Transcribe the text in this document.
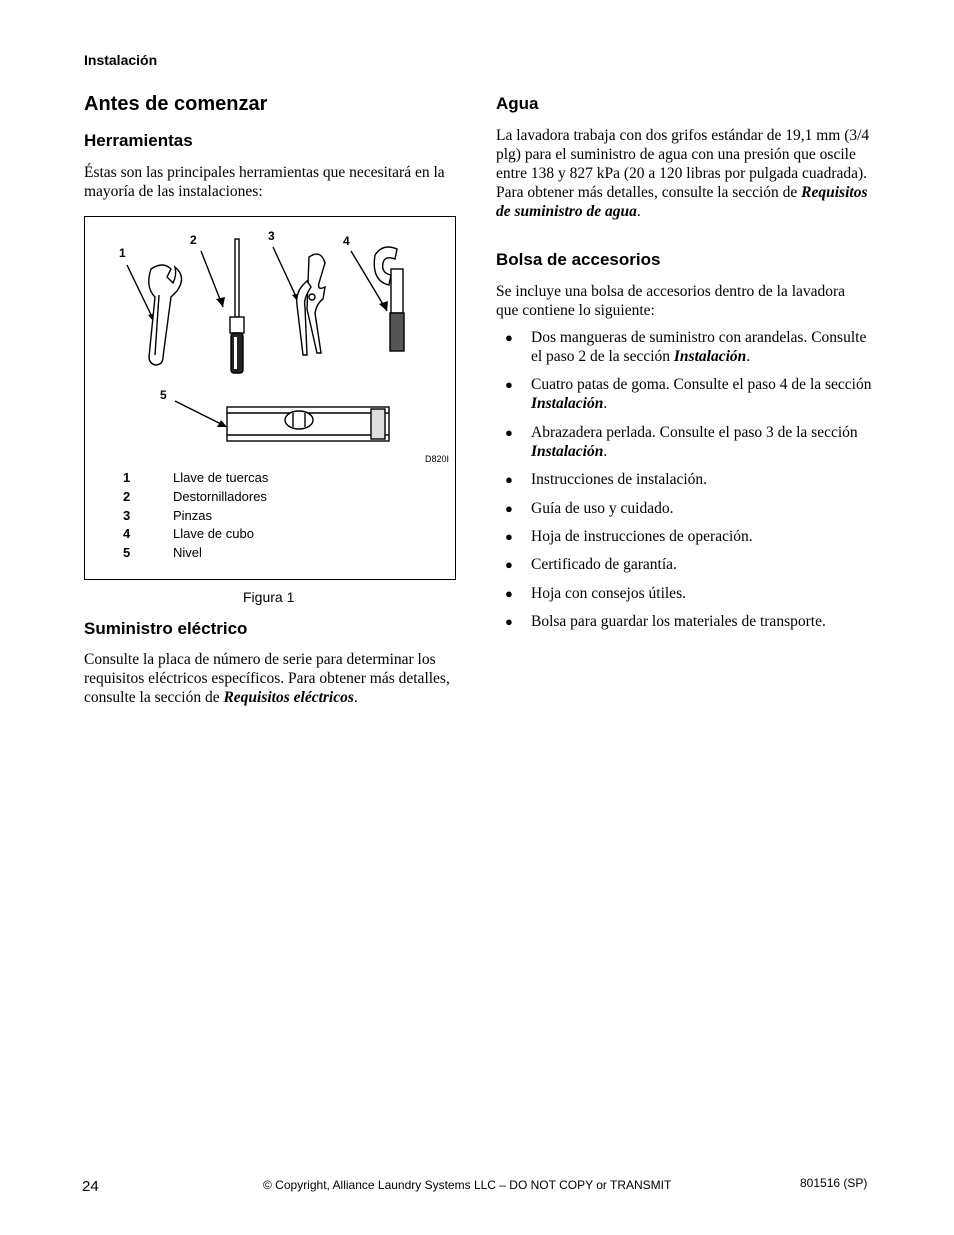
Instalación
Antes de comenzar
Herramientas
Éstas son las principales herramientas que necesitará en la mayoría de las instalaciones:
1
2	3	4
5
D820I
1	Llave de tuercas
2	Destornilladores
3	Pinzas
4	Llave de cubo
5	Nivel
Figura 1
Suministro eléctrico
Consulte la placa de número de serie para determinar los requisitos eléctricos específicos. Para obtener más detalles, consulte la sección de Requisitos eléctricos.
Agua
La lavadora trabaja con dos grifos estándar de 19,1 mm (3/4 plg) para el suministro de agua con una presión que oscile entre 138 y 827 kPa (20 a 120 libras por pulgada cuadrada). Para obtener más detalles, consulte la sección de Requisitos de suministro de agua.
Bolsa de accesorios
Se incluye una bolsa de accesorios dentro de la lavadora que contiene lo siguiente:
● Dos mangueras de suministro con arandelas. Consulte el paso 2 de la sección Instalación.
● Cuatro patas de goma. Consulte el paso 4 de la sección Instalación.
● Abrazadera perlada. Consulte el paso 3 de la sección Instalación.
● Instrucciones de instalación.
● Guía de uso y cuidado.
● Hoja de instrucciones de operación.
● Certificado de garantía.
● Hoja con consejos útiles.
● Bolsa para guardar los materiales de transporte.
24	© Copyright, Alliance Laundry Systems LLC – DO NOT COPY or TRANSMIT	801516 (SP)
